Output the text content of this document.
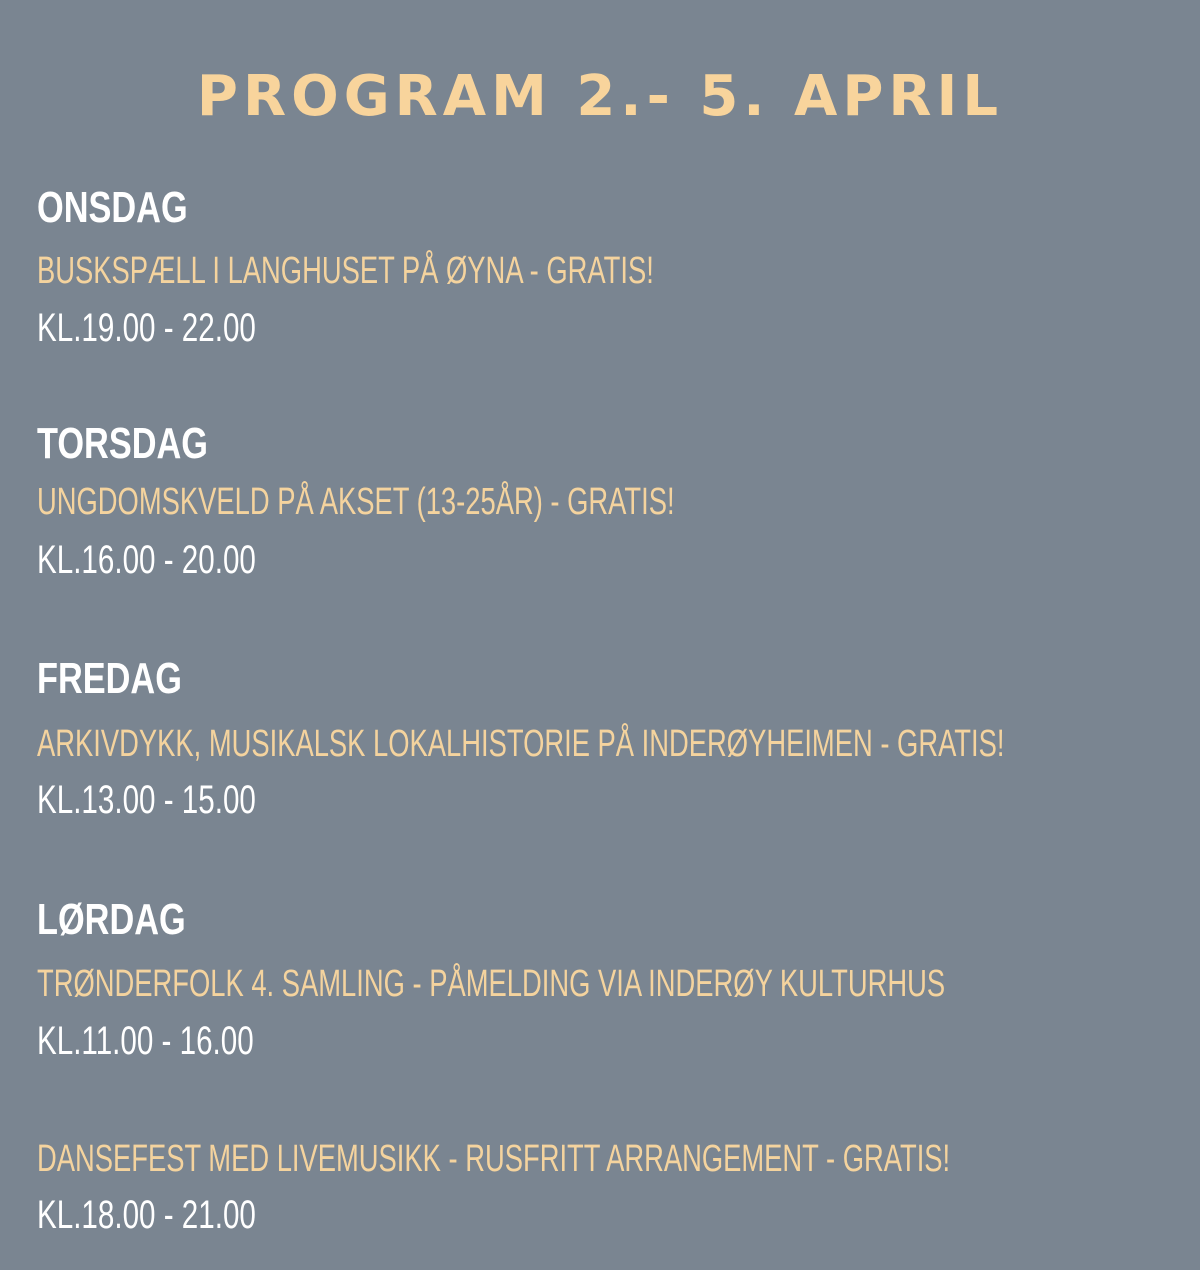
PROGRAM 2.- 5. APRIL
ONSDAG
BUSKSPÆLL I LANGHUSET PÅ ØYNA - GRATIS!
KL.19.00 - 22.00
TORSDAG
UNGDOMSKVELD PÅ AKSET (13-25ÅR) - GRATIS!
KL.16.00 - 20.00
FREDAG
ARKIVDYKK, MUSIKALSK LOKALHISTORIE PÅ INDERØYHEIMEN - GRATIS!
KL.13.00 - 15.00
LØRDAG
TRØNDERFOLK 4. SAMLING - PÅMELDING VIA INDERØY KULTURHUS
KL.11.00 - 16.00
DANSEFEST MED LIVEMUSIKK - RUSFRITT ARRANGEMENT - GRATIS!
KL.18.00 - 21.00
